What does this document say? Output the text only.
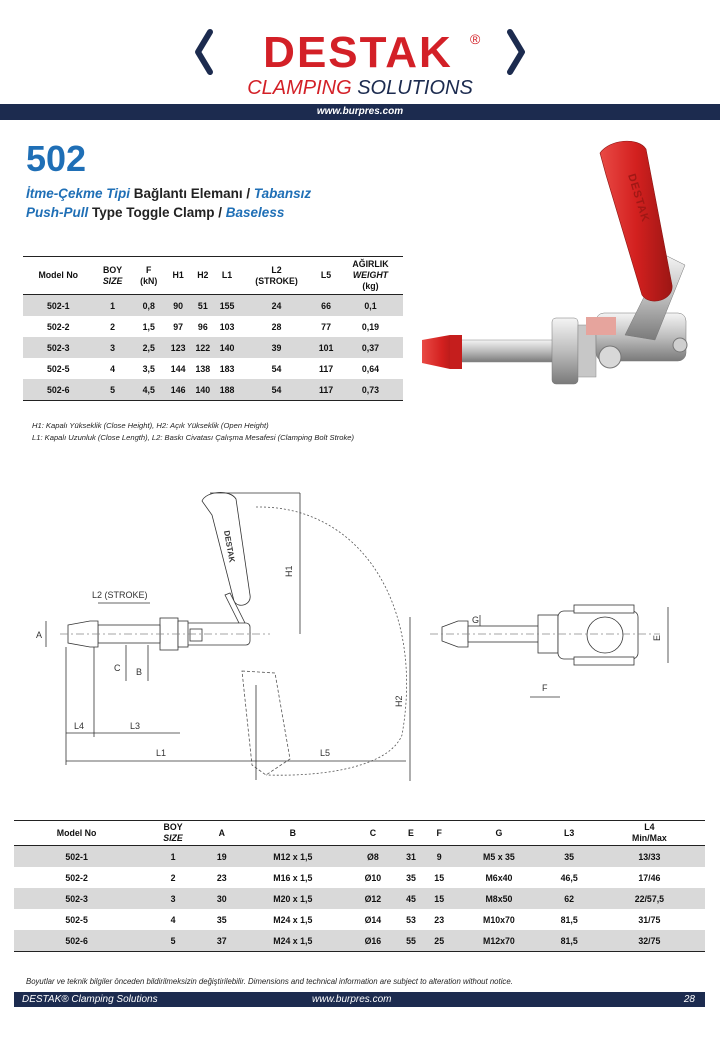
DESTAK ®
CLAMPING SOLUTIONS
www.burpres.com
502
İtme-Çekme Tipi Bağlantı Elemanı / Tabansız
Push-Pull Type Toggle Clamp / Baseless
Model No	BOY
SIZE	F
(kN)	H1	H2	L1	L2
(STROKE)	L5	AĞIRLIK
WEIGHT
(kg)
502-1	1	0,8	90	51	155	24	66	0,1
502-2	2	1,5	97	96	103	28	77	0,19
502-3	3	2,5	123	122	140	39	101	0,37
502-5	4	3,5	144	138	183	54	117	0,64
502-6	5	4,5	146	140	188	54	117	0,73
DESTAK
H1: Kapalı Yükseklik (Close Height), H2: Açık Yükseklik (Open Height)
L1: Kapalı Uzunluk (Close Length), L2: Baskı Civatası Çalışma Mesafesi (Clamping Bolt Stroke)
DESTAK
A
L2 (STROKE)
C B
L4	L3
L1	L5
H1
H2
G
E
F
Model No	BOY
SIZE	A	B	C	E	F	G	L3	L4
Min/Max
502-1	1	19	M12 x 1,5	Ø8	31	9	M5 x 35	35	13/33
502-2	2	23	M16 x 1,5	Ø10	35	15	M6x40	46,5	17/46
502-3	3	30	M20 x 1,5	Ø12	45	15	M8x50	62	22/57,5
502-5	4	35	M24 x 1,5	Ø14	53	23	M10x70	81,5	31/75
502-6	5	37	M24 x 1,5	Ø16	55	25	M12x70	81,5	32/75
Boyutlar ve teknik bilgiler önceden bildirilmeksizin değiştirilebilir. Dimensions and technical information are subject to alteration without notice.
DESTAK® Clamping Solutions	www.burpres.com	28
